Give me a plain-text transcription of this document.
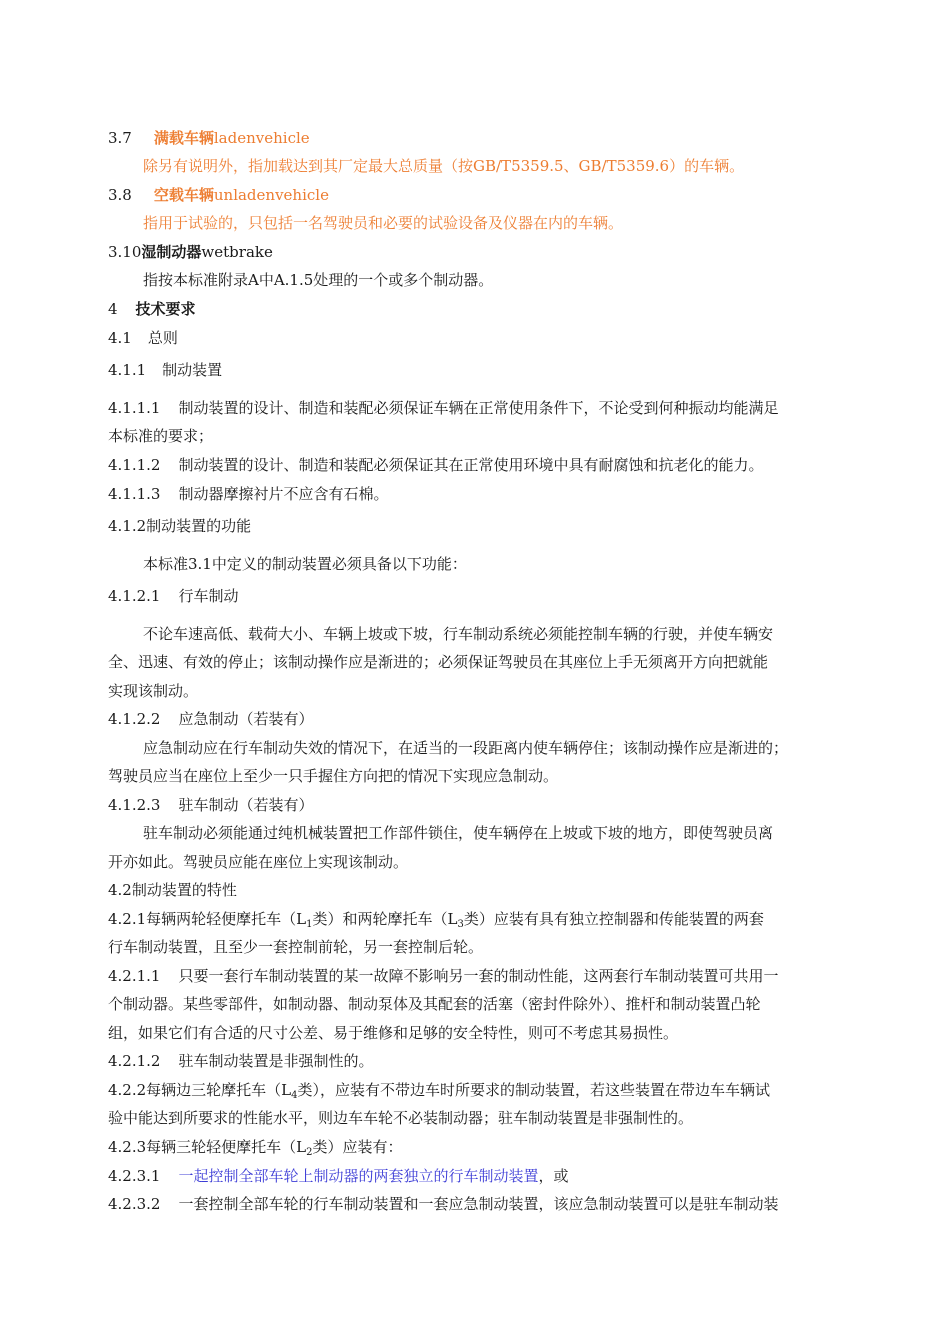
3.7 满载车辆ladenvehicle
除另有说明外，指加载达到其厂定最大总质量（按GB/T5359.5、GB/T5359.6）的车辆。
3.8 空载车辆unladenvehicle
指用于试验的，只包括一名驾驶员和必要的试验设备及仪器在内的车辆。
3.10湿制动器wetbrake
指按本标准附录A中A.1.5处理的一个或多个制动器。
4 技术要求
4.1 总则
4.1.1 制动装置
4.1.1.1 制动装置的设计、制造和装配必须保证车辆在正常使用条件下，不论受到何种振动均能满足
本标准的要求；
4.1.1.2 制动装置的设计、制造和装配必须保证其在正常使用环境中具有耐腐蚀和抗老化的能力。
4.1.1.3 制动器摩擦衬片不应含有石棉。
4.1.2制动装置的功能
本标准3.1中定义的制动装置必须具备以下功能：
4.1.2.1 行车制动
不论车速高低、载荷大小、车辆上坡或下坡，行车制动系统必须能控制车辆的行驶，并使车辆安
全、迅速、有效的停止；该制动操作应是渐进的；必须保证驾驶员在其座位上手无须离开方向把就能
实现该制动。
4.1.2.2 应急制动（若装有）
应急制动应在行车制动失效的情况下，在适当的一段距离内使车辆停住；该制动操作应是渐进的；
驾驶员应当在座位上至少一只手握住方向把的情况下实现应急制动。
4.1.2.3 驻车制动（若装有）
驻车制动必须能通过纯机械装置把工作部件锁住，使车辆停在上坡或下坡的地方，即使驾驶员离
开亦如此。驾驶员应能在座位上实现该制动。
4.2制动装置的特性
4.2.1每辆两轮轻便摩托车（$L_1$类）和两轮摩托车（$L_3$类）应装有具有独立控制器和传能装置的两套
行车制动装置，且至少一套控制前轮，另一套控制后轮。
4.2.1.1 只要一套行车制动装置的某一故障不影响另一套的制动性能，这两套行车制动装置可共用一
个制动器。某些零部件，如制动器、制动泵体及其配套的活塞（密封件除外）、推杆和制动装置凸轮
组，如果它们有合适的尺寸公差、易于维修和足够的安全特性，则可不考虑其易损性。
4.2.1.2 驻车制动装置是非强制性的。
4.2.2每辆边三轮摩托车（$L_4$类），应装有不带边车时所要求的制动装置，若这些装置在带边车车辆试
验中能达到所要求的性能水平，则边车车轮不必装制动器；驻车制动装置是非强制性的。
4.2.3每辆三轮轻便摩托车（$L_2$类）应装有：
4.2.3.1 一起控制全部车轮上制动器的两套独立的行车制动装置，或
4.2.3.2 一套控制全部车轮的行车制动装置和一套应急制动装置，该应急制动装置可以是驻车制动装
